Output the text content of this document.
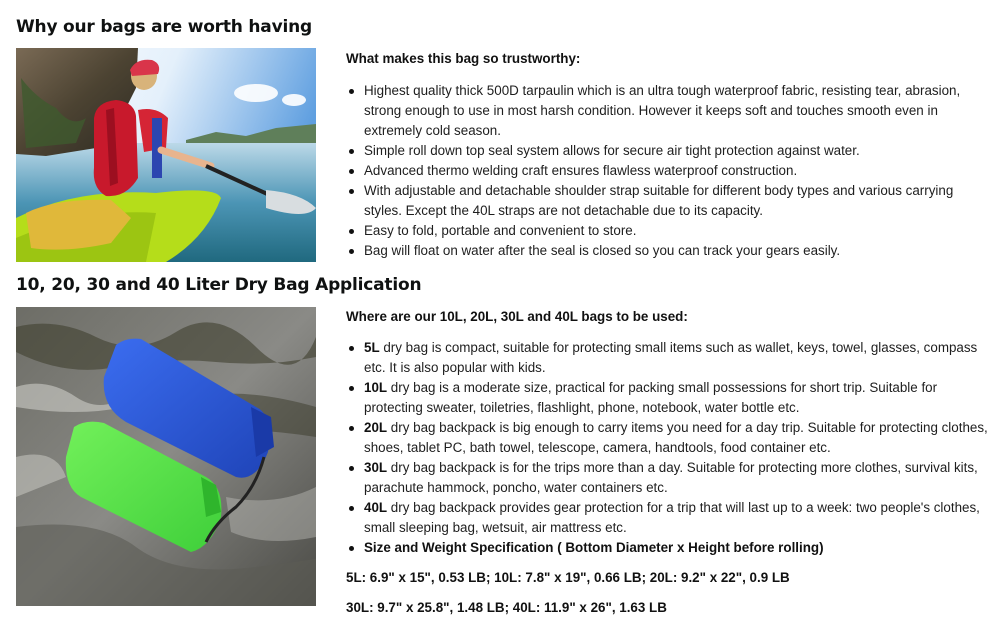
Why our bags are worth having
What makes this bag so trustworthy:
Highest quality thick 500D tarpaulin which is an ultra tough waterproof fabric, resisting tear, abrasion, strong enough to use in most harsh condition. However it keeps soft and touches smooth even in extremely cold season.
Simple roll down top seal system allows for secure air tight protection against water.
Advanced thermo welding craft ensures flawless waterproof construction.
With adjustable and detachable shoulder strap suitable for different body types and various carrying styles. Except the 40L straps are not detachable due to its capacity.
Easy to fold, portable and convenient to store.
Bag will float on water after the seal is closed so you can track your gears easily.
10, 20, 30 and 40 Liter Dry Bag Application
Where are our 10L, 20L, 30L and 40L bags to be used:
5L dry bag is compact, suitable for protecting small items such as wallet, keys, towel, glasses, compass etc. It is also popular with kids.
10L dry bag is a moderate size, practical for packing small possessions for short trip. Suitable for protecting sweater, toiletries, flashlight, phone, notebook, water bottle etc.
20L dry bag backpack is big enough to carry items you need for a day trip. Suitable for protecting clothes, shoes, tablet PC, bath towel, telescope, camera, handtools, food container etc.
30L dry bag backpack is for the trips more than a day. Suitable for protecting more clothes, survival kits, parachute hammock, poncho, water containers etc.
40L dry bag backpack provides gear protection for a trip that will last up to a week: two people's clothes, small sleeping bag, wetsuit, air mattress etc.
Size and Weight Specification ( Bottom Diameter x Height before rolling)
5L: 6.9" x 15", 0.53 LB; 10L: 7.8" x 19", 0.66 LB; 20L: 9.2" x 22", 0.9 LB
30L: 9.7" x 25.8", 1.48 LB; 40L: 11.9" x 26", 1.63 LB
